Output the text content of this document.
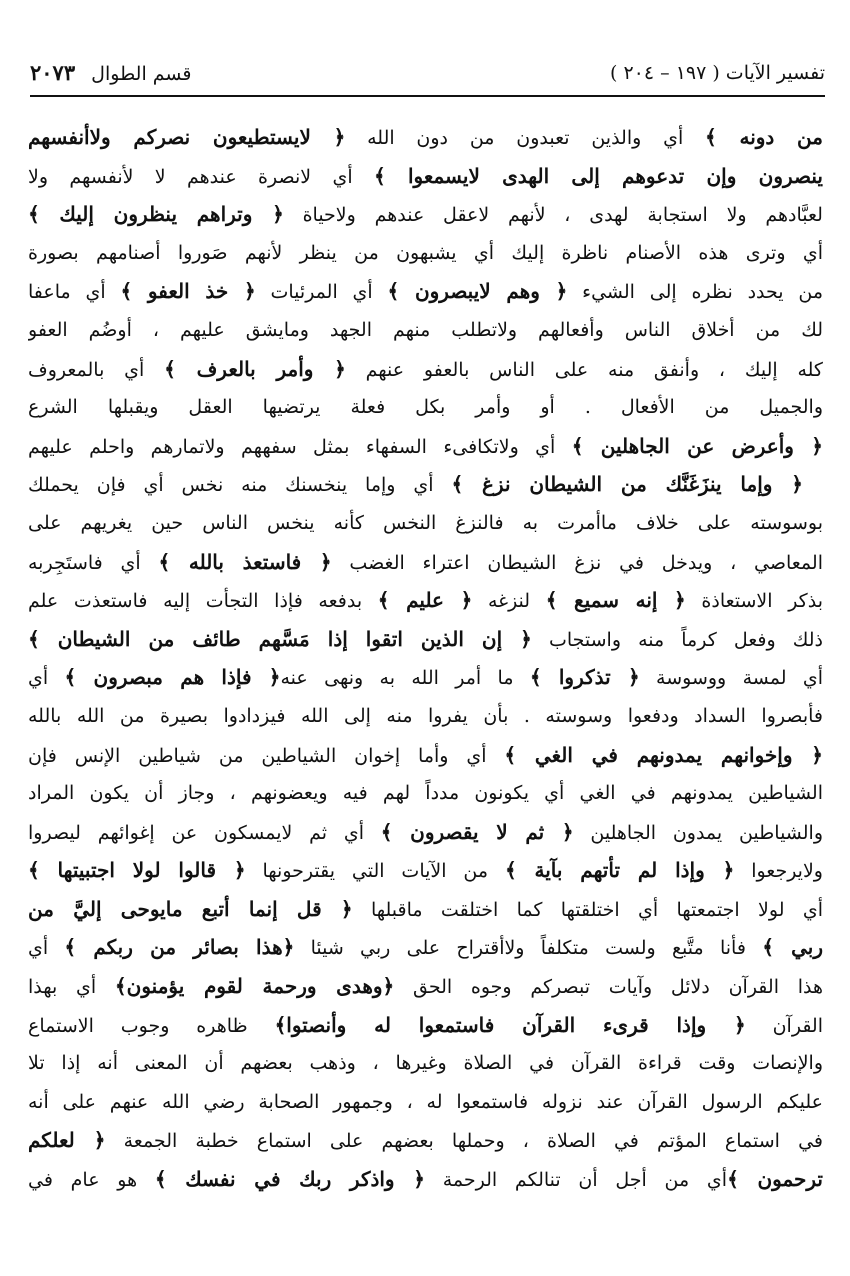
تفسير الآيات ( ١٩٧ – ٢٠٤ )
قسم الطوال ٢٠٧٣
من دونه ﴾ أي والذين تعبدون من دون الله ﴿ لايستطيعون نصركم ولاأنفسهم
ينصرون وإن تدعوهم إلى الهدى لايسمعوا ﴾ أي لانصرة عندهم لا لأنفسهم ولا
لعبَّادهم ولا استجابة لهدى ، لأنهم لاعقل عندهم ولاحياة ﴿ وتراهم ينظرون إليك ﴾
أي وترى هذه الأصنام ناظرة إليك أي يشبهون من ينظر لأنهم صَوروا أصنامهم بصورة
من يحدد نظره إلى الشيء ﴿ وهم لايبصرون ﴾ أي المرئيات ﴿ خذ العفو ﴾ أي ماعفا
لك من أخلاق الناس وأفعالهم ولاتطلب منهم الجهد ومايشق عليهم ، أوضُم العفو
كله إليك ، وأنفق منه على الناس بالعفو عنهم ﴿ وأمر بالعرف ﴾ أي بالمعروف
والجميل من الأفعال . أو وأمر بكل فعلة يرتضيها العقل ويقبلها الشرع
﴿ وأعرض عن الجاهلين ﴾ أي ولاتكافىء السفهاء بمثل سفههم ولاتمارهم واحلم عليهم
﴿ وإما ينزَغَنَّك من الشيطان نزغ ﴾ أي وإما ينخسنك منه نخس أي فإن يحملك
بوسوسته على خلاف ماأمرت به فالنزغ النخس كأنه ينخس الناس حين يغريهم على
المعاصي ، ويدخل في نزغ الشيطان اعتراء الغضب ﴿ فاستعذ بالله ﴾ أي فاستَجِربه
بذكر الاستعاذة ﴿ إنه سميع ﴾ لنزغه ﴿ عليم ﴾ بدفعه فإذا التجأت إليه فاستعذت علم
ذلك وفعل كرماً منه واستجاب ﴿ إن الذين اتقوا إذا مَسَّهم طائف من الشيطان ﴾
أي لمسة ووسوسة ﴿ تذكروا ﴾ ما أمر الله به ونهى عنه﴿ فإذا هم مبصرون ﴾ أي
فأبصروا السداد ودفعوا وسوسته . بأن يفروا منه إلى الله فيزدادوا بصيرة من الله بالله
﴿ وإخوانهم يمدونهم في الغي ﴾ أي وأما إخوان الشياطين من شياطين الإنس فإن
الشياطين يمدونهم في الغي أي يكونون مدداً لهم فيه ويعضونهم ، وجاز أن يكون المراد
والشياطين يمدون الجاهلين ﴿ ثم لا يقصرون ﴾ أي ثم لايمسكون عن إغوائهم ليصروا
ولايرجعوا ﴿ وإذا لم تأتهم بآية ﴾ من الآيات التي يقترحونها ﴿ قالوا لولا اجتبيتها ﴾
أي لولا اجتمعتها أي اختلقتها كما اختلقت ماقبلها ﴿ قل إنما أتبع مايوحى إليَّ من
ربي ﴾ فأنا متَّبع ولست متكلفاً ولاأقتراح على ربي شيئا ﴿هذا بصائر من ربكم ﴾ أي
هذا القرآن دلائل وآيات تبصركم وجوه الحق ﴿وهدى ورحمة لقوم يؤمنون﴾ أي بهذا
القرآن ﴿ وإذا قرىء القرآن فاستمعوا له وأنصتوا﴾ ظاهره وجوب الاستماع
والإنصات وقت قراءة القرآن في الصلاة وغيرها ، وذهب بعضهم أن المعنى أنه إذا تلا
عليكم الرسول القرآن عند نزوله فاستمعوا له ، وجمهور الصحابة رضي الله عنهم على أنه
في استماع المؤتم في الصلاة ، وحملها بعضهم على استماع خطبة الجمعة ﴿ لعلكم
ترحمون ﴾أي من أجل أن تنالكم الرحمة ﴿ واذكر ربك في نفسك ﴾ هو عام في
